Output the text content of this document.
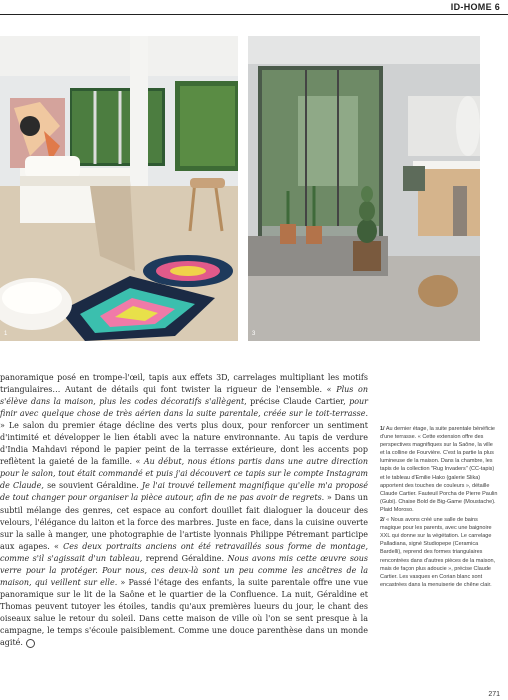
ID-HOME 6
1	3

panoramique posé en trompe-l'œil, tapis aux effets 3D, carrelages multipliant les motifs triangulaires… Autant de détails qui font twister la rigueur de l'ensemble. « Plus on s'élève dans la maison, plus les codes décoratifs s'allègent, précise Claude Cartier, pour finir avec quelque chose de très aérien dans la suite parentale, créée sur le toit-terrasse. » Le salon du premier étage décline des verts plus doux, pour renforcer un sentiment d'intimité et développer le lien établi avec la nature environnante. Au tapis de verdure d'India Mahdavi répond le papier peint de la terrasse extérieure, dont les accents pop reflètent la gaieté de la famille. « Au début, nous étions partis dans une autre direction pour le salon, tout était commandé et puis j'ai découvert ce tapis sur le compte Instagram de Claude, se souvient Géraldine. Je l'ai trouvé tellement magnifique qu'elle m'a proposé de tout changer pour organiser la pièce autour, afin de ne pas avoir de regrets. » Dans un subtil mélange des genres, cet espace au confort douillet fait dialoguer la douceur des velours, l'élégance du laiton et la force des marbres. Juste en face, dans la cuisine ouverte sur la salle à manger, une photographie de l'artiste lyonnais Philippe Pétremant participe aux agapes. « Ces deux portraits anciens ont été retravaillés sous forme de montage, comme s'il s'agissait d'un tableau, reprend Géraldine. Nous avons mis cette œuvre sous verre pour la protéger. Pour nous, ces deux-là sont un peu comme les ancêtres de la maison, qui veillent sur elle. » Passé l'étage des enfants, la suite parentale offre une vue panoramique sur le lit de la Saône et le quartier de la Confluence. La nuit, Géraldine et Thomas peuvent tutoyer les étoiles, tandis qu'aux premières lueurs du jour, le chant des oiseaux salue le retour du soleil. Dans cette maison de ville où l'on se sent presque à la campagne, le temps s'écoule paisiblement. Comme une douce parenthèse dans un monde agité.

1/ Au dernier étage, la suite parentale bénéficie d'une terrasse. « Cette extension offre des perspectives magnifiques sur la Saône, la ville et la colline de Fourvière. C'est la partie la plus lumineuse de la maison. Dans la chambre, les tapis de la collection "Rug Invaders" (CC-tapis) et le tableau d'Emilie Hako (galerie Slika) apportent des touches de couleurs », détaille Claude Cartier. Fauteuil Porcha de Pierre Paulin (Gubi). Chaise Bold de Big-Game (Moustache). Plaid Moroso.

2/ « Nous avons créé une salle de bains magique pour les parents, avec une baignoire XXL qui donne sur la végétation. Le carrelage Palladiana, signé Studiopepe (Ceramica Bardelli), reprend des formes triangulaires rencontrées dans d'autres pièces de la maison, mais de façon plus adoucie », précise Claude Cartier. Les vasques en Corian blanc sont encastrées dans la menuiserie de chêne clair.

271
